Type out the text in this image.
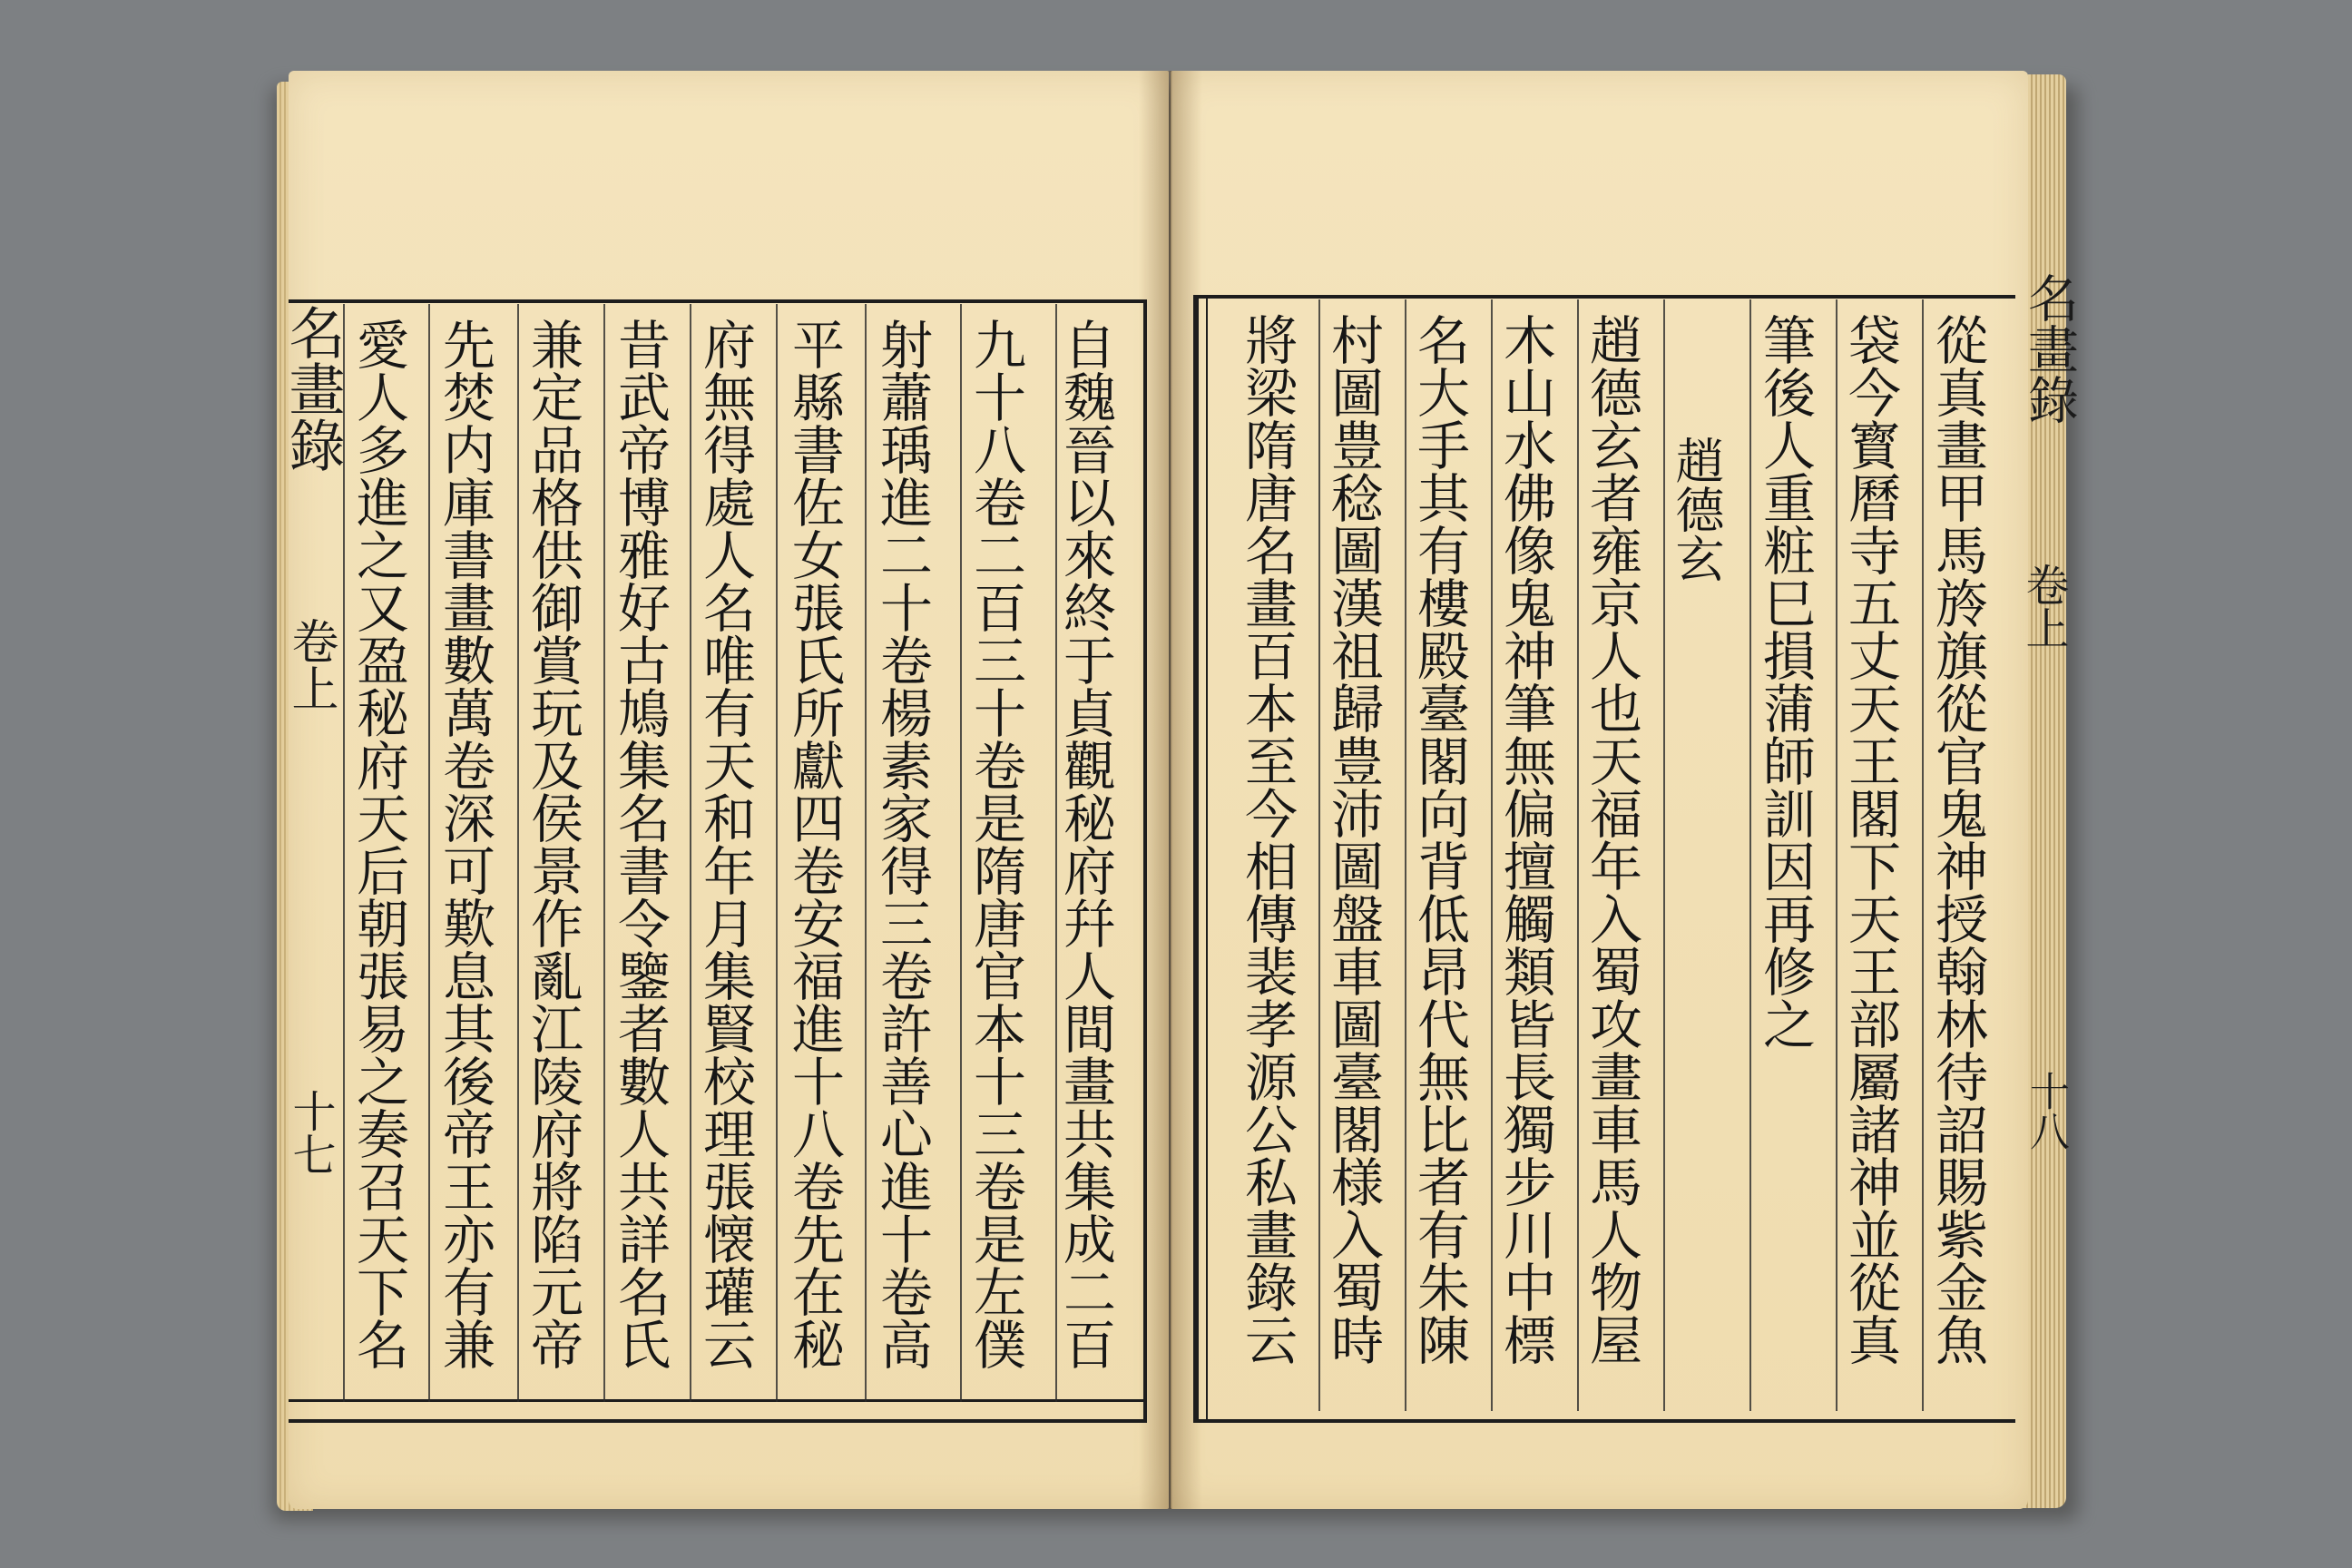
名畫錄
卷上
十七	自魏晉以來終于貞觀秘府幷人間畫共集成二百
九十八卷二百三十卷是隋唐官本十三卷是左僕
射蕭瑀進二十卷楊素家得三卷許善心進十卷高
平縣書佐女張氏所獻四卷安福進十八卷先在秘
府無得處人名唯有天和年月集賢校理張懐瓘云
昔武帝博雅好古鳩集名書令鑒者數人共詳名氏
兼定品格供御賞玩及侯景作亂江陵府將陷元帝
先焚内庫書畫數萬卷深可歎息其後帝王亦有兼
愛人多進之又盈秘府天后朝張易之奏召天下名	名畫錄
卷上
十八
從真畫甲馬旍旗從官鬼神授翰林待詔賜紫金魚
袋今寳曆寺五丈天王閣下天王部屬諸神並從真
筆後人重粧巳損蒲師訓因再修之
趙德玄
趙德玄者雍京人也天福年入蜀攻畫車馬人物屋
木山水佛像鬼神筆無偏擅觸類皆長獨步川中標
名大手其有樓殿臺閣向背低昂代無比者有朱陳
村圖豊稔圖漢祖歸豊沛圖盤車圖臺閣様入蜀時
將梁隋唐名畫百本至今相傳裴孝源公私畫錄云
